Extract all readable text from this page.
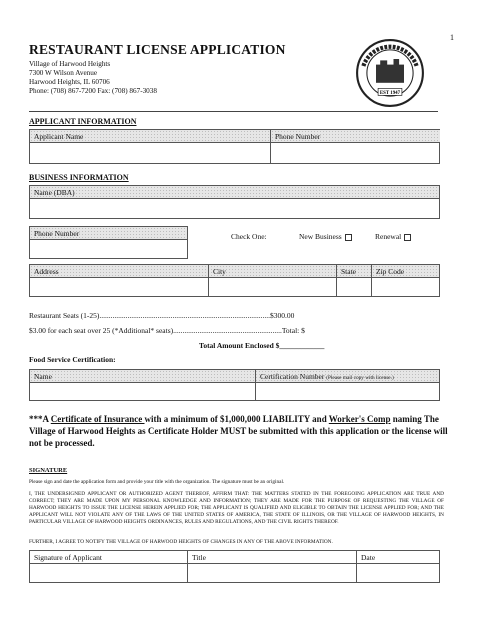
1
RESTAURANT LICENSE APPLICATION
Village of Harwood Heights
7300 W Wilson Avenue
Harwood Heights, IL 60706
Phone: (708) 867-7200 Fax: (708) 867-3038	EST 1947
APPLICANT INFORMATION
Applicant Name	Phone Number
BUSINESS INFORMATION
Name (DBA)
Phone Number	Check One:	New Business	Renewal
Address	City	State	Zip Code
Restaurant Seats (1-25)...........................................................................................$300.00
$3.00 for each seat over 25 (*Additional* seats)..........................................................Total: $
Total Amount Enclosed $____________
Food Service Certification:
Name	Certification Number (Please mail copy with license.)
***A Certificate of Insurance with a minimum of $1,000,000 LIABILITY and Worker's Comp naming The Village of Harwood Heights as Certificate Holder MUST be submitted with this application or the license will not be processed.
SIGNATURE
Please sign and date the application form and provide your title with the organization. The signature must be an original.
I, THE UNDERSIGNED APPLICANT OR AUTHORIZED AGENT THEREOF, AFFIRM THAT: THE MATTERS STATED IN THE FOREGOING APPLICATION ARE TRUE AND CORRECT; THEY ARE MADE UPON MY PERSONAL KNOWLEDGE AND INFORMATION; THEY ARE MADE FOR THE PURPOSE OF REQUESTING THE VILLAGE OF HARWOOD HEIGHTS TO ISSUE THE LICENSE HEREIN APPLIED FOR; THE APPLICANT IS QUALIFIED AND ELIGIBLE TO OBTAIN THE LICENSE APPLIED FOR; AND THE APPLICANT WILL NOT VIOLATE ANY OF THE LAWS OF THE UNITED STATES OF AMERICA, THE STATE OF ILLINOIS, OR THE VILLAGE OF HARWOOD HEIGHTS, IN PARTICULAR VILLAGE OF HARWOOD HEIGHTS ORDINANCES, RULES AND REGULATIONS, AND THE CIVIL RIGHTS THEREOF.
FURTHER, I AGREE TO NOTIFY THE VILLAGE OF HARWOOD HEIGHTS OF CHANGES IN ANY OF THE ABOVE INFORMATION.
Signature of Applicant	Title	Date
